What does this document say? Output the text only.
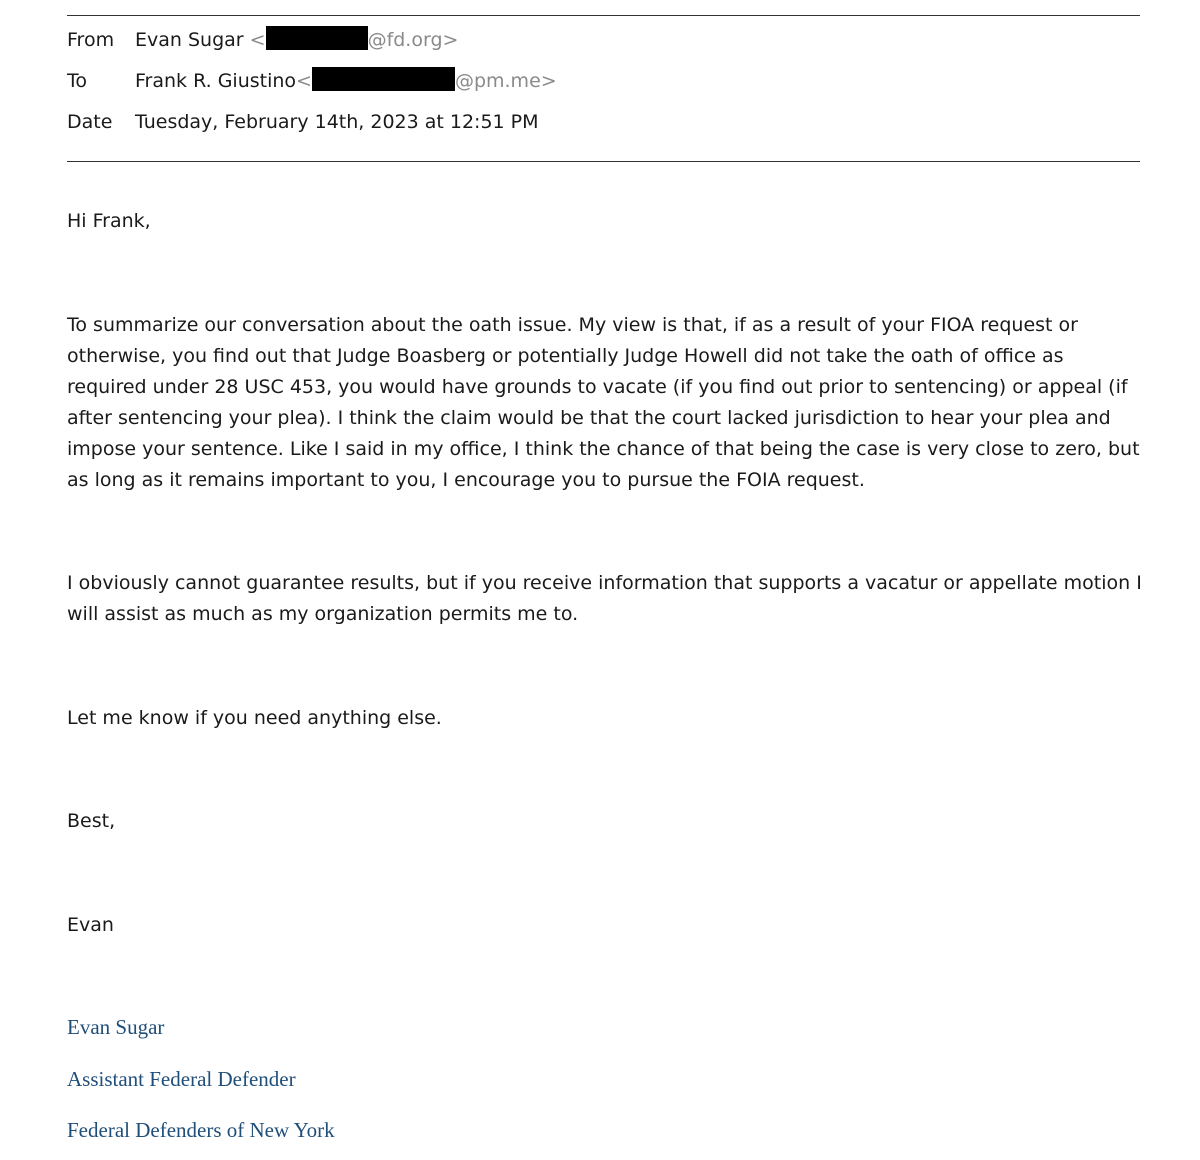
From Evan Sugar <	@fd.org>
To	Frank R. Giustino<	@pm.me>
Date Tuesday, February 14th, 2023 at 12:51 PM

Hi Frank,

To summarize our conversation about the oath issue. My view is that, if as a result of your FIOA request or otherwise, you find out that Judge Boasberg or potentially Judge Howell did not take the oath of office as required under 28 USC 453, you would have grounds to vacate (if you find out prior to sentencing) or appeal (if after sentencing your plea). I think the claim would be that the court lacked jurisdiction to hear your plea and impose your sentence. Like I said in my office, I think the chance of that being the case is very close to zero, but as long as it remains important to you, I encourage you to pursue the FOIA request.

I obviously cannot guarantee results, but if you receive information that supports a vacatur or appellate motion I will assist as much as my organization permits me to.

Let me know if you need anything else.

Best,

Evan

Evan Sugar

Assistant Federal Defender

Federal Defenders of New York
